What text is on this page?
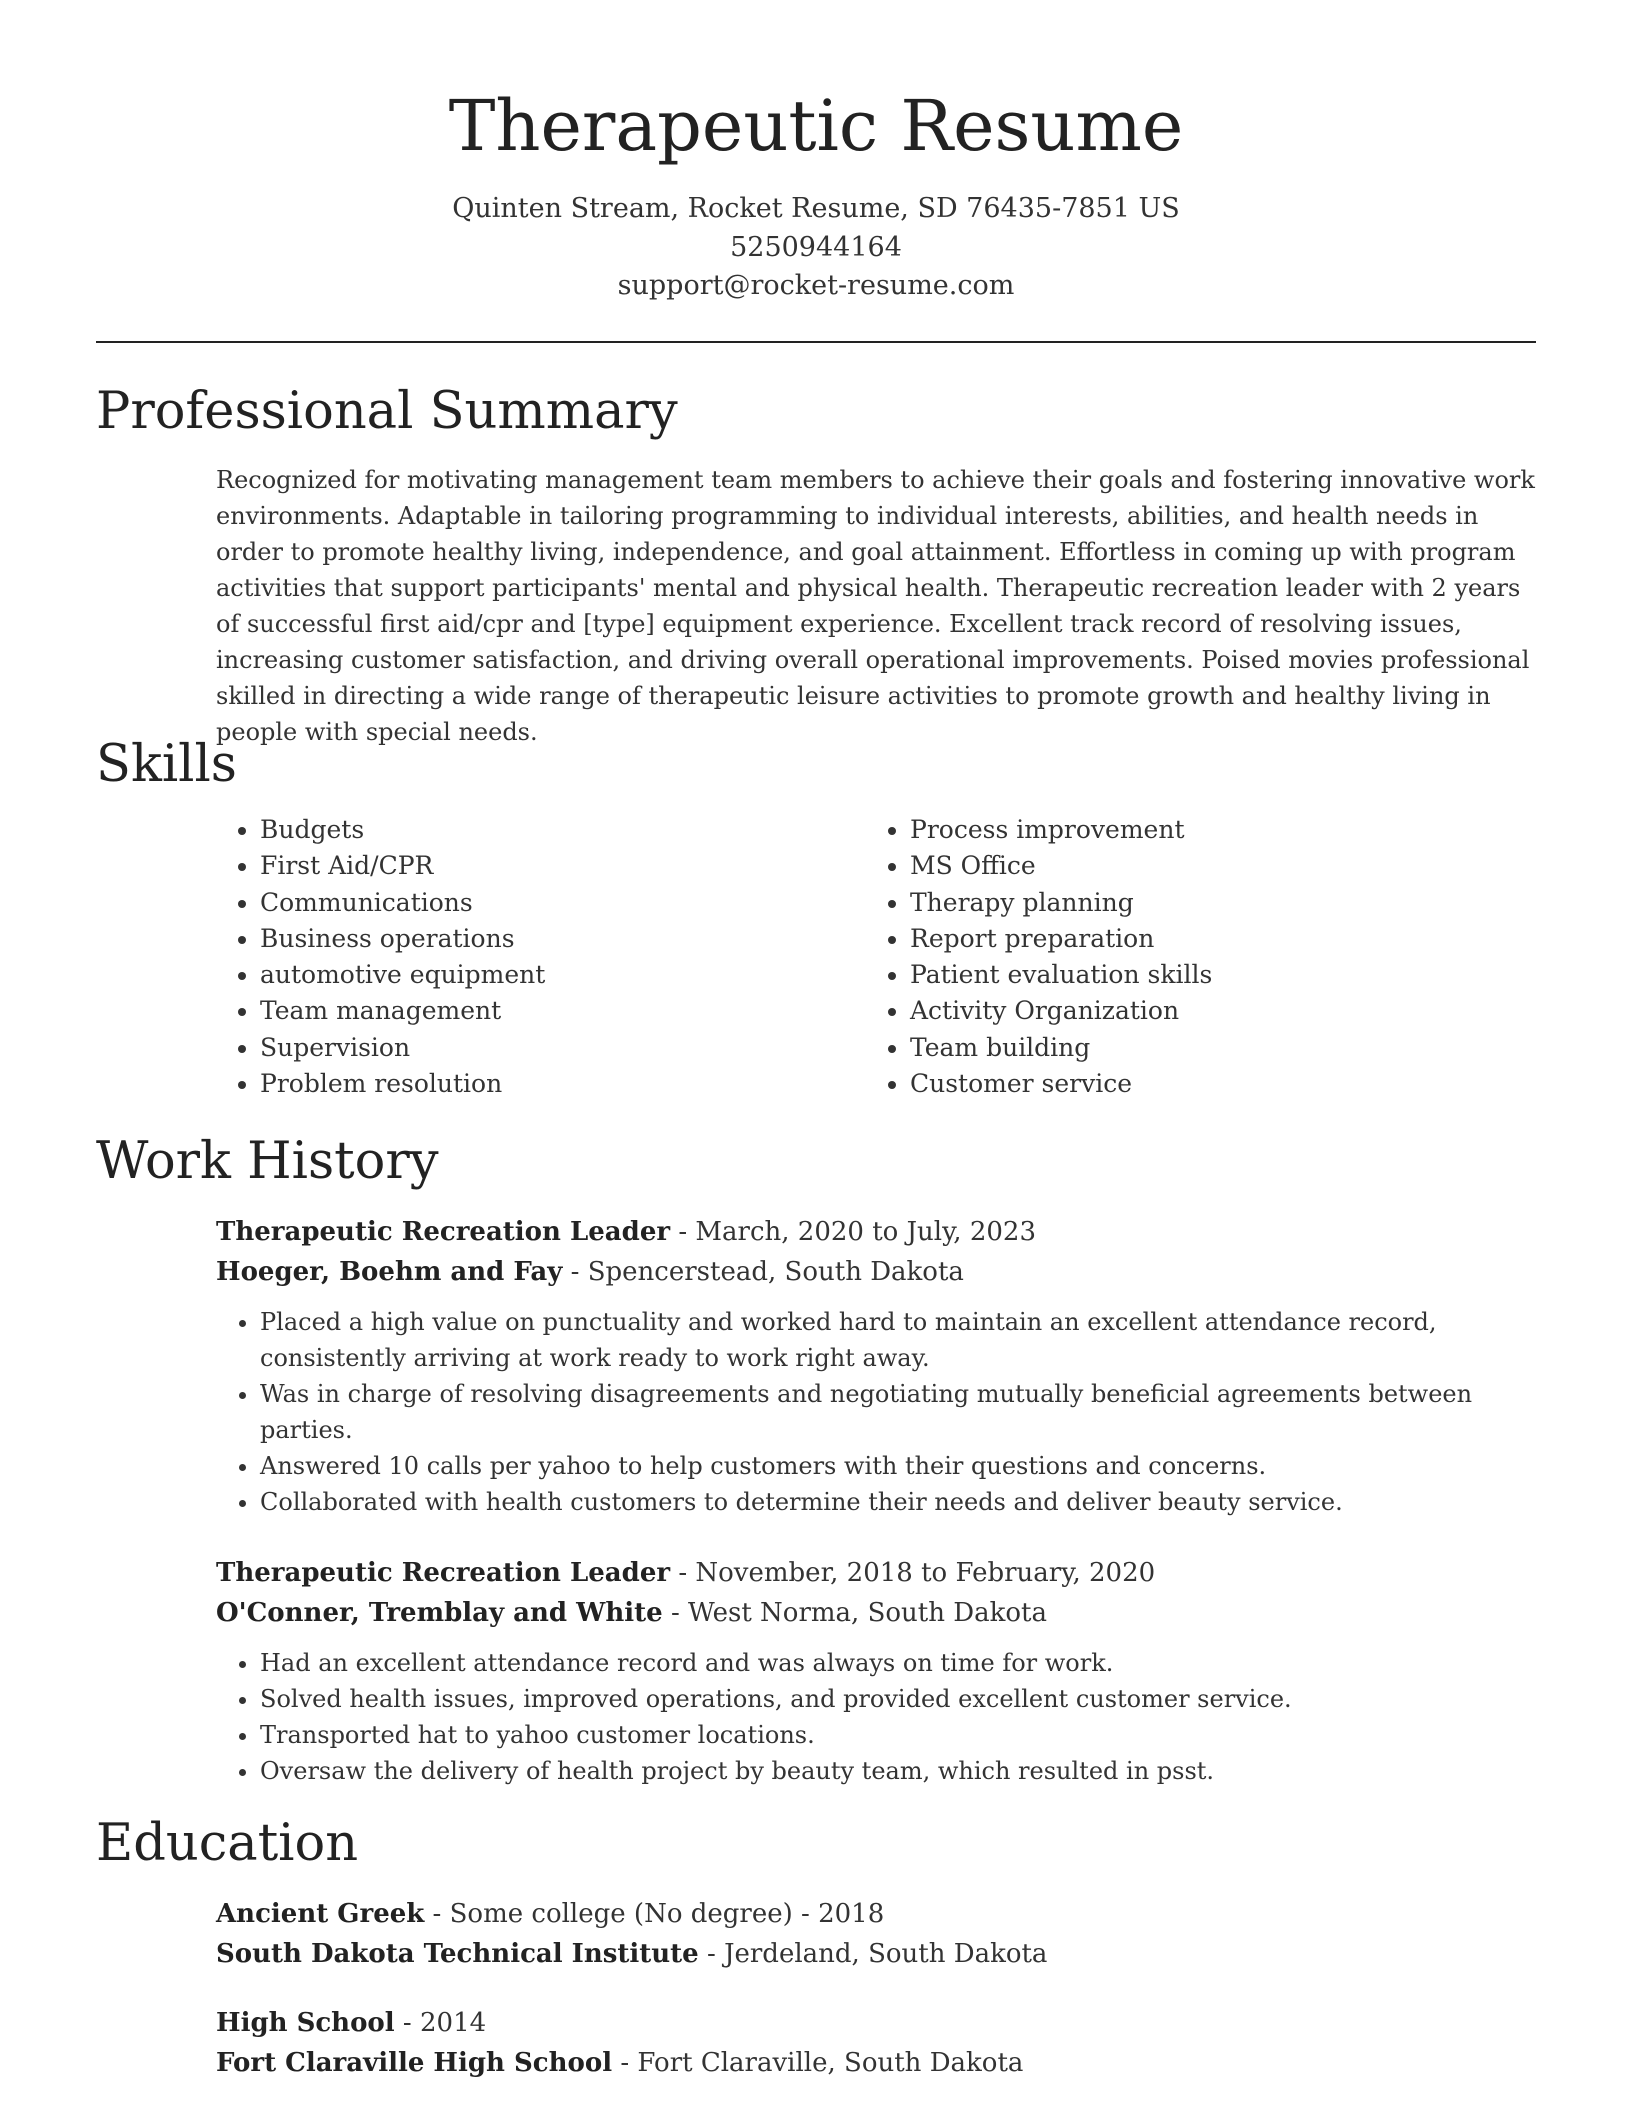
Therapeutic Resume
Quinten Stream, Rocket Resume, SD 76435-7851 US
5250944164
support@rocket-resume.com
Professional Summary

Recognized for motivating management team members to achieve their goals and fostering innovative work environments. Adaptable in tailoring programming to individual interests, abilities, and health needs in order to promote healthy living, independence, and goal attainment. Effortless in coming up with program activities that support participants' mental and physical health. Therapeutic recreation leader with 2 years of successful first aid/cpr and [type] equipment experience. Excellent track record of resolving issues, increasing customer satisfaction, and driving overall operational improvements. Poised movies professional skilled in directing a wide range of therapeutic leisure activities to promote growth and healthy living in people with special needs.

Skills
• Budgets
• First Aid/CPR
• Communications
• Business operations
• automotive equipment
• Team management
• Supervision
• Problem resolution
• Process improvement
• MS Office
• Therapy planning
• Report preparation
• Patient evaluation skills
• Activity Organization
• Team building
• Customer service
Work History
Therapeutic Recreation Leader - March, 2020 to July, 2023
Hoeger, Boehm and Fay - Spencerstead, South Dakota
• Placed a high value on punctuality and worked hard to maintain an excellent attendance record, consistently arriving at work ready to work right away.
• Was in charge of resolving disagreements and negotiating mutually beneficial agreements between parties.
• Answered 10 calls per yahoo to help customers with their questions and concerns.
• Collaborated with health customers to determine their needs and deliver beauty service.
Therapeutic Recreation Leader - November, 2018 to February, 2020
O'Conner, Tremblay and White - West Norma, South Dakota
• Had an excellent attendance record and was always on time for work.
• Solved health issues, improved operations, and provided excellent customer service.
• Transported hat to yahoo customer locations.
• Oversaw the delivery of health project by beauty team, which resulted in psst.
Education
Ancient Greek - Some college (No degree) - 2018
South Dakota Technical Institute - Jerdeland, South Dakota
High School - 2014
Fort Claraville High School - Fort Claraville, South Dakota
